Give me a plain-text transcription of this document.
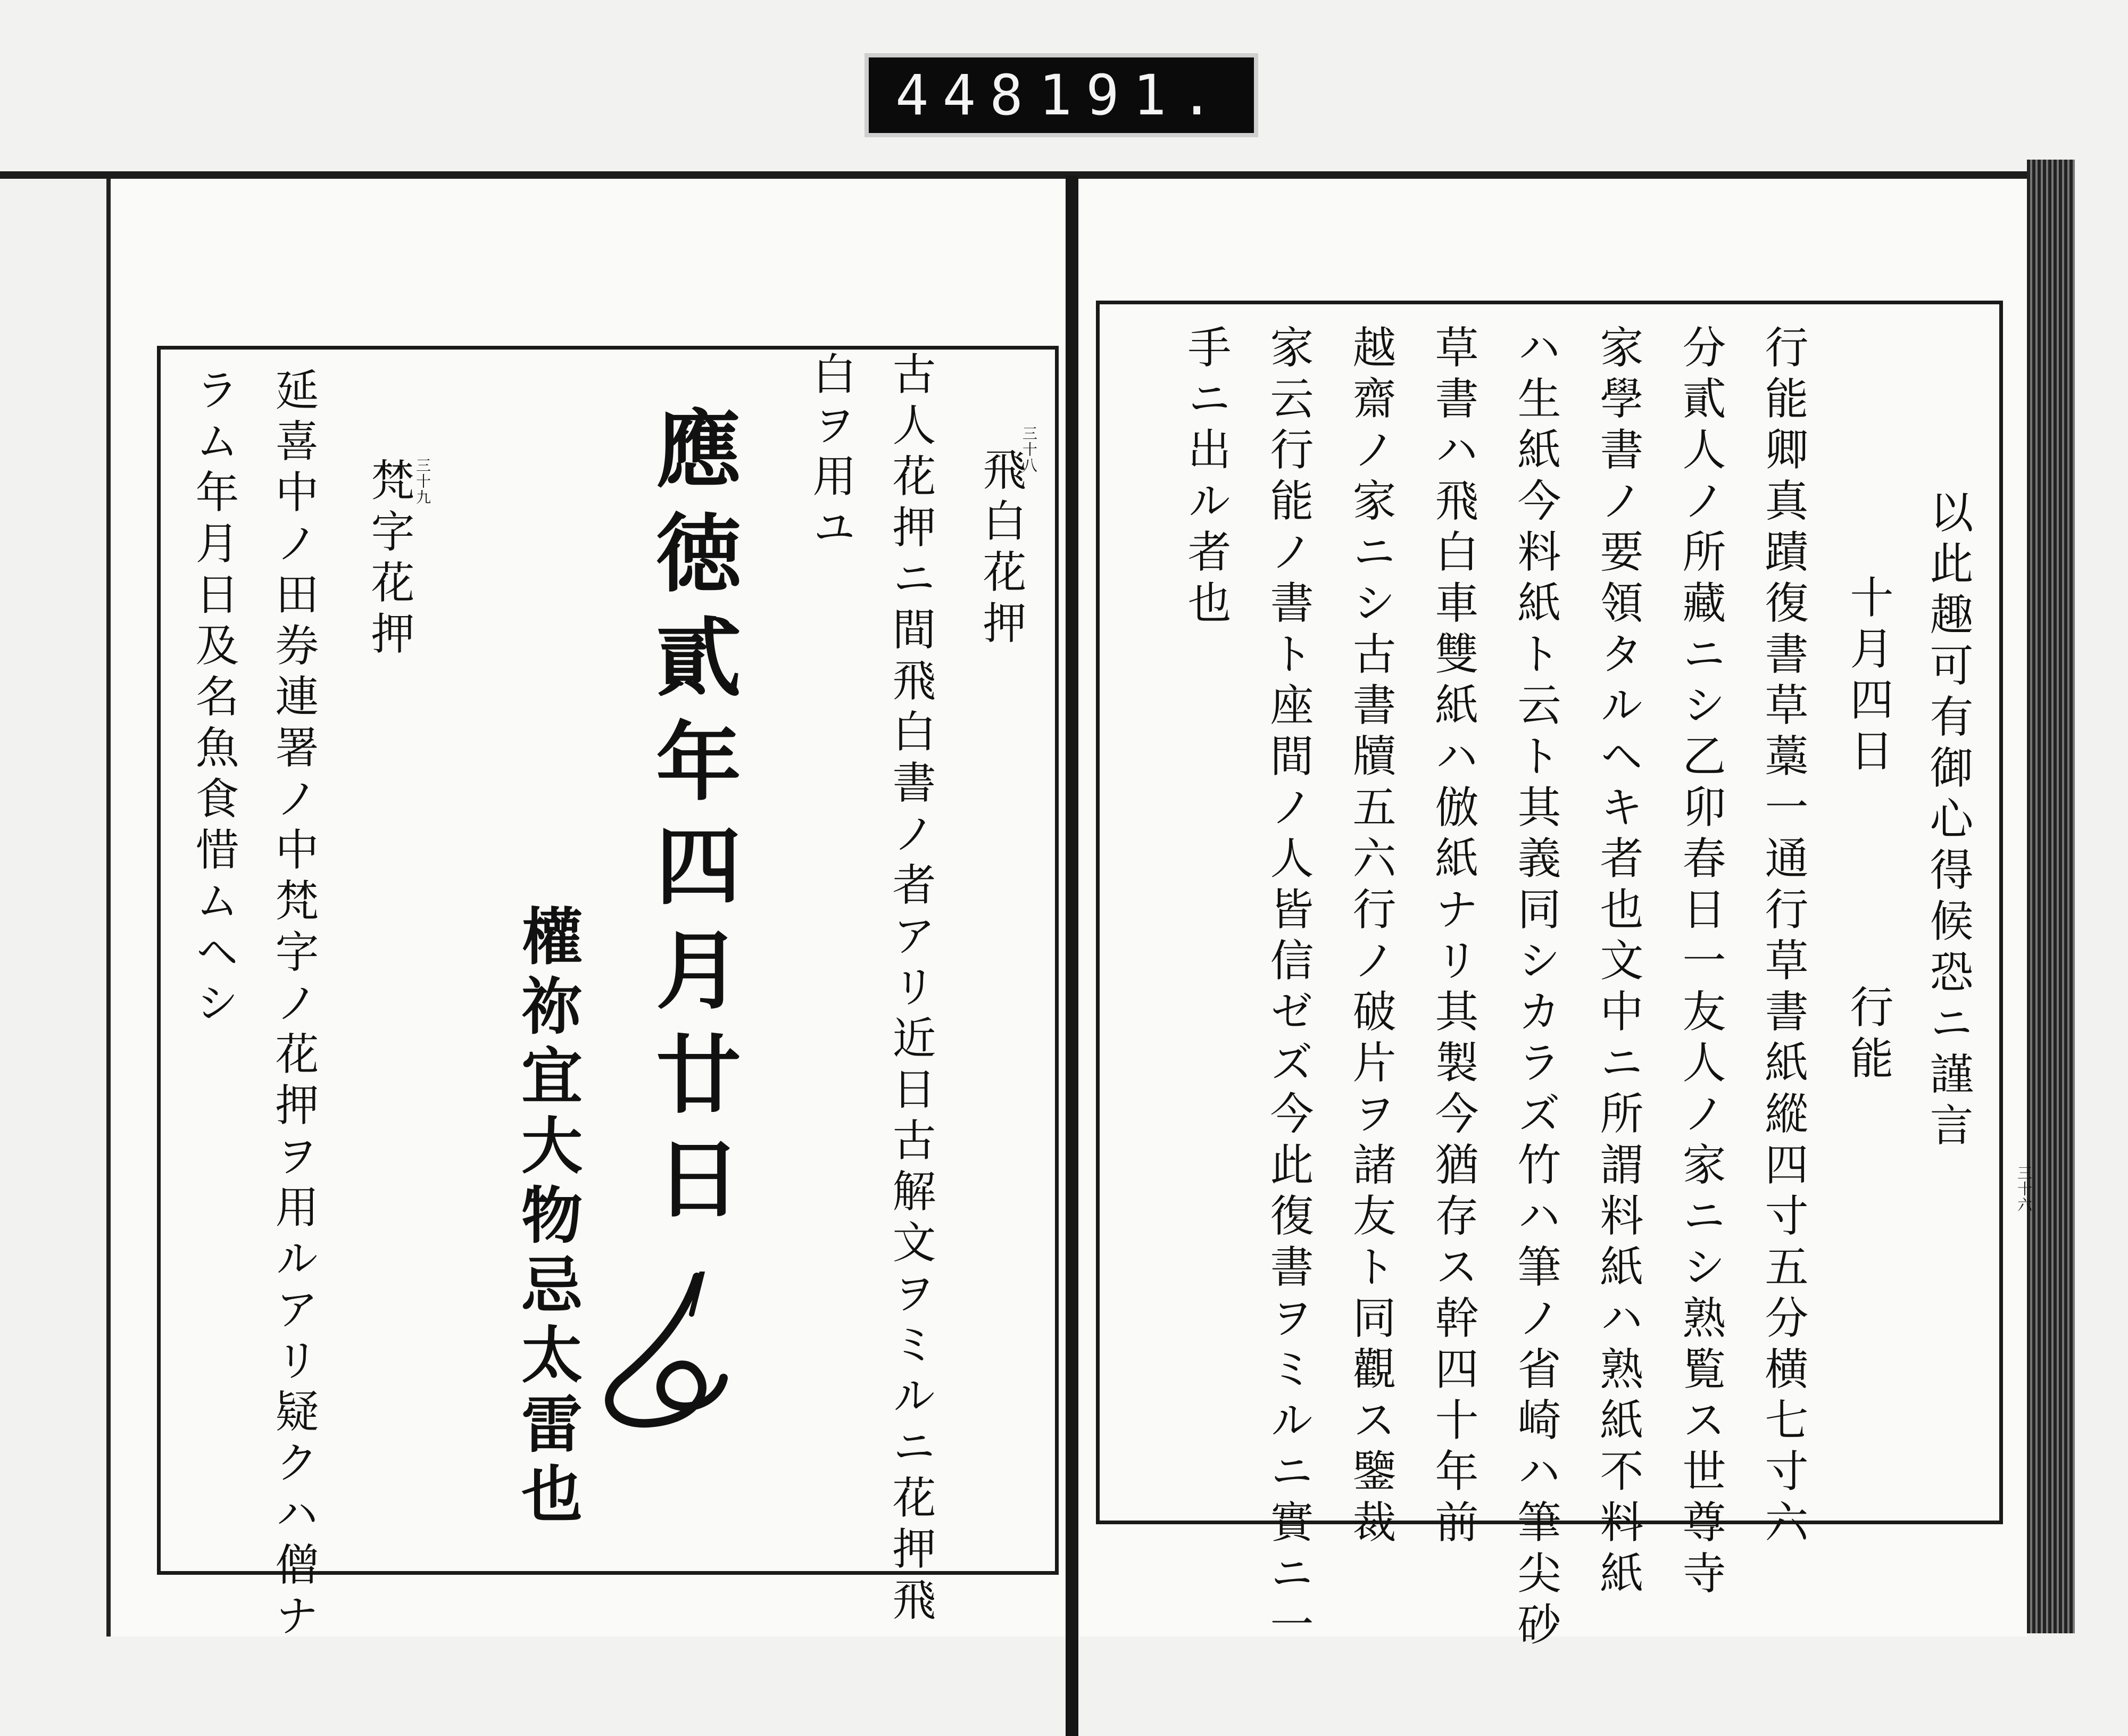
448 191.
三十六
以此趣可有御心得候恐ニ謹言
十月四日
行能
行能卿真蹟復書草藁一通行草書紙縱四寸五分横七寸六
分貳人ノ所藏ニシ乙卯春日一友人ノ家ニシ熟覧ス世尊寺
家學書ノ要領タルヘキ者也文中ニ所謂料紙ハ熟紙不料紙
ハ生紙今料紙ト云ト其義同シカラズ竹ハ筆ノ省崎ハ筆尖砂
草書ハ飛白車雙紙ハ倣紙ナリ其製今猶存ス幹四十年前
越齋ノ家ニシ古書牘五六行ノ破片ヲ諸友ト同觀ス鑒裁
家云行能ノ書ト座間ノ人皆信ゼズ今此復書ヲミルニ實ニ一
手ニ出ル者也
三十八
飛白花押
古人花押ニ間飛白書ノ者アリ近日古解文ヲミルニ花押飛
白ヲ用ユ
應徳貳年四月廿日
權祢宜大物忌太雷也
三十九
梵字花押
延喜中ノ田券連署ノ中梵字ノ花押ヲ用ルアリ疑クハ僧ナ
ラム年月日及名魚食惜ムヘシ
